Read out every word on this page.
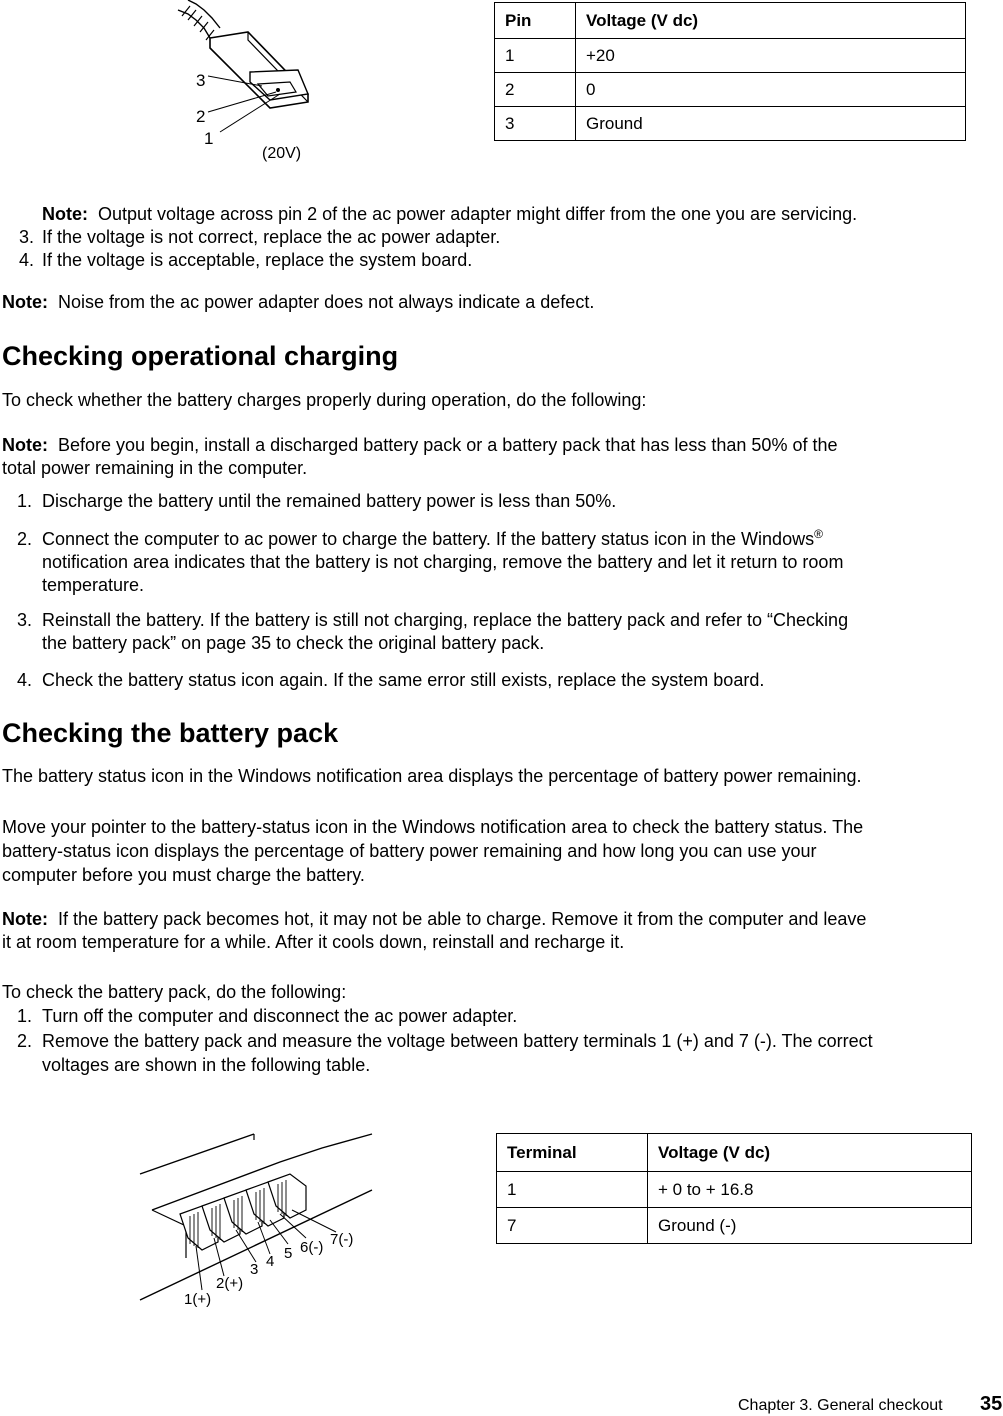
3
2
1
(20V)
Pin	Voltage (V dc)
1	+20
2	0
3	Ground
Note: Output voltage across pin 2 of the ac power adapter might differ from the one you are servicing.
3. If the voltage is not correct, replace the ac power adapter.
4. If the voltage is acceptable, replace the system board.
Note: Noise from the ac power adapter does not always indicate a defect.
Checking operational charging
To check whether the battery charges properly during operation, do the following:
Note: Before you begin, install a discharged battery pack or a battery pack that has less than 50% of the
total power remaining in the computer.
1. Discharge the battery until the remained battery power is less than 50%.
2. Connect the computer to ac power to charge the battery. If the battery status icon in the Windows®
notification area indicates that the battery is not charging, remove the battery and let it return to room
temperature.
3. Reinstall the battery. If the battery is still not charging, replace the battery pack and refer to “Checking
the battery pack” on page 35 to check the original battery pack.
4. Check the battery status icon again. If the same error still exists, replace the system board.
Checking the battery pack
The battery status icon in the Windows notification area displays the percentage of battery power remaining.
Move your pointer to the battery-status icon in the Windows notification area to check the battery status. The
battery-status icon displays the percentage of battery power remaining and how long you can use your
computer before you must charge the battery.
Note: If the battery pack becomes hot, it may not be able to charge. Remove it from the computer and leave
it at room temperature for a while. After it cools down, reinstall and recharge it.
To check the battery pack, do the following:
1. Turn off the computer and disconnect the ac power adapter.
2. Remove the battery pack and measure the voltage between battery terminals 1 (+) and 7 (-). The correct
voltages are shown in the following table.
1(+)
2(+)
3 4 5 6(-) 7(-)
Terminal	Voltage (V dc)
1	+ 0 to + 16.8
7	Ground (-)
Chapter 3. General checkout 35
